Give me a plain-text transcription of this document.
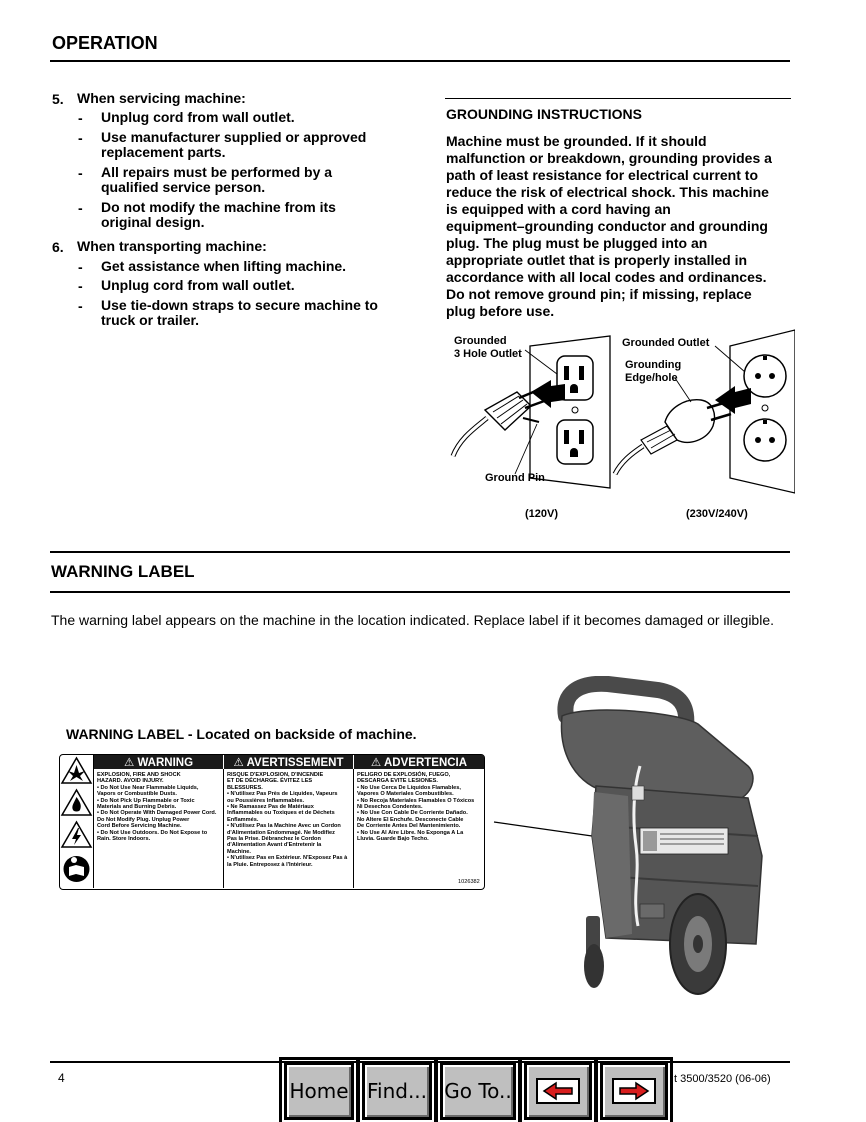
OPERATION
5. When servicing machine:
- Unplug cord from wall outlet.
- Use manufacturer supplied or approved
replacement parts.
- All repairs must be performed by a
qualified service person.
- Do not modify the machine from its
original design.
6. When transporting machine:
- Get assistance when lifting machine.
- Unplug cord from wall outlet.
- Use tie-down straps to secure machine to
truck or trailer.
GROUNDING INSTRUCTIONS
Machine must be grounded. If it should
malfunction or breakdown, grounding provides a
path of least resistance for electrical current to
reduce the risk of electrical shock. This machine
is equipped with a cord having an
equipment–grounding conductor and grounding
plug. The plug must be plugged into an
appropriate outlet that is properly installed in
accordance with all local codes and ordinances.
Do not remove ground pin; if missing, replace
plug before use.
Grounded
3 Hole Outlet
Ground Pin
Grounded Outlet
Grounding
Edge/hole
(120V)	(230V/240V)
WARNING LABEL
The warning label appears on the machine in the location indicated. Replace label if it becomes damaged or illegible.
WARNING LABEL - Located on backside of machine.
⚠ WARNING	⚠ AVERTISSEMENT	⚠ ADVERTENCIA
EXPLOSION, FIRE AND SHOCK
HAZARD. AVOID INJURY.
• Do Not Use Near Flammable Liquids,
Vapors or Combustible Dusts.
• Do Not Pick Up Flammable or Toxic
Materials and Burning Debris.
• Do Not Operate With Damaged Power Cord.
Do Not Modify Plug. Unplug Power
Cord Before Servicing Machine.
• Do Not Use Outdoors. Do Not Expose to
Rain. Store Indoors.
RISQUE D'EXPLOSION, D'INCENDIE
ET DE DÉCHARGE. ÉVITEZ LES
BLESSURES.
• N'utilisez Pas Près de Liquides, Vapeurs
ou Poussières Inflammables.
• Ne Ramassez Pas de Matériaux
Inflammables ou Toxiques et de Déchets
Enflammés.
• N'utilisez Pas la Machine Avec un Cordon
d'Alimentation Endommagé. Ne Modifiez
Pas la Prise. Débranchez le Cordon
d'Alimentation Avant d'Entretenir la
Machine.
• N'utilisez Pas en Extérieur. N'Exposez Pas à
la Pluie. Entreposez à l'Intérieur.
PELIGRO DE EXPLOSIÓN, FUEGO,
DESCARGA EVITE LESIONES.
• No Use Cerca De Líquidos Flamables,
Vapores O Materiales Combustibles.
• No Recoja Materiales Flamables O Tóxicos
Ni Desechos Condentes.
• No Use Con Cable De Corriente Dañado.
No Altere El Enchufe. Desconecte Cable
De Corriente Antes Del Mantenimiento.
• No Use Al Aire Libre. No Exponga A La
Lluvia. Guarde Bajo Techo.
1026382
4	t 3500/3520 (06-06)
Home Find... Go To..
